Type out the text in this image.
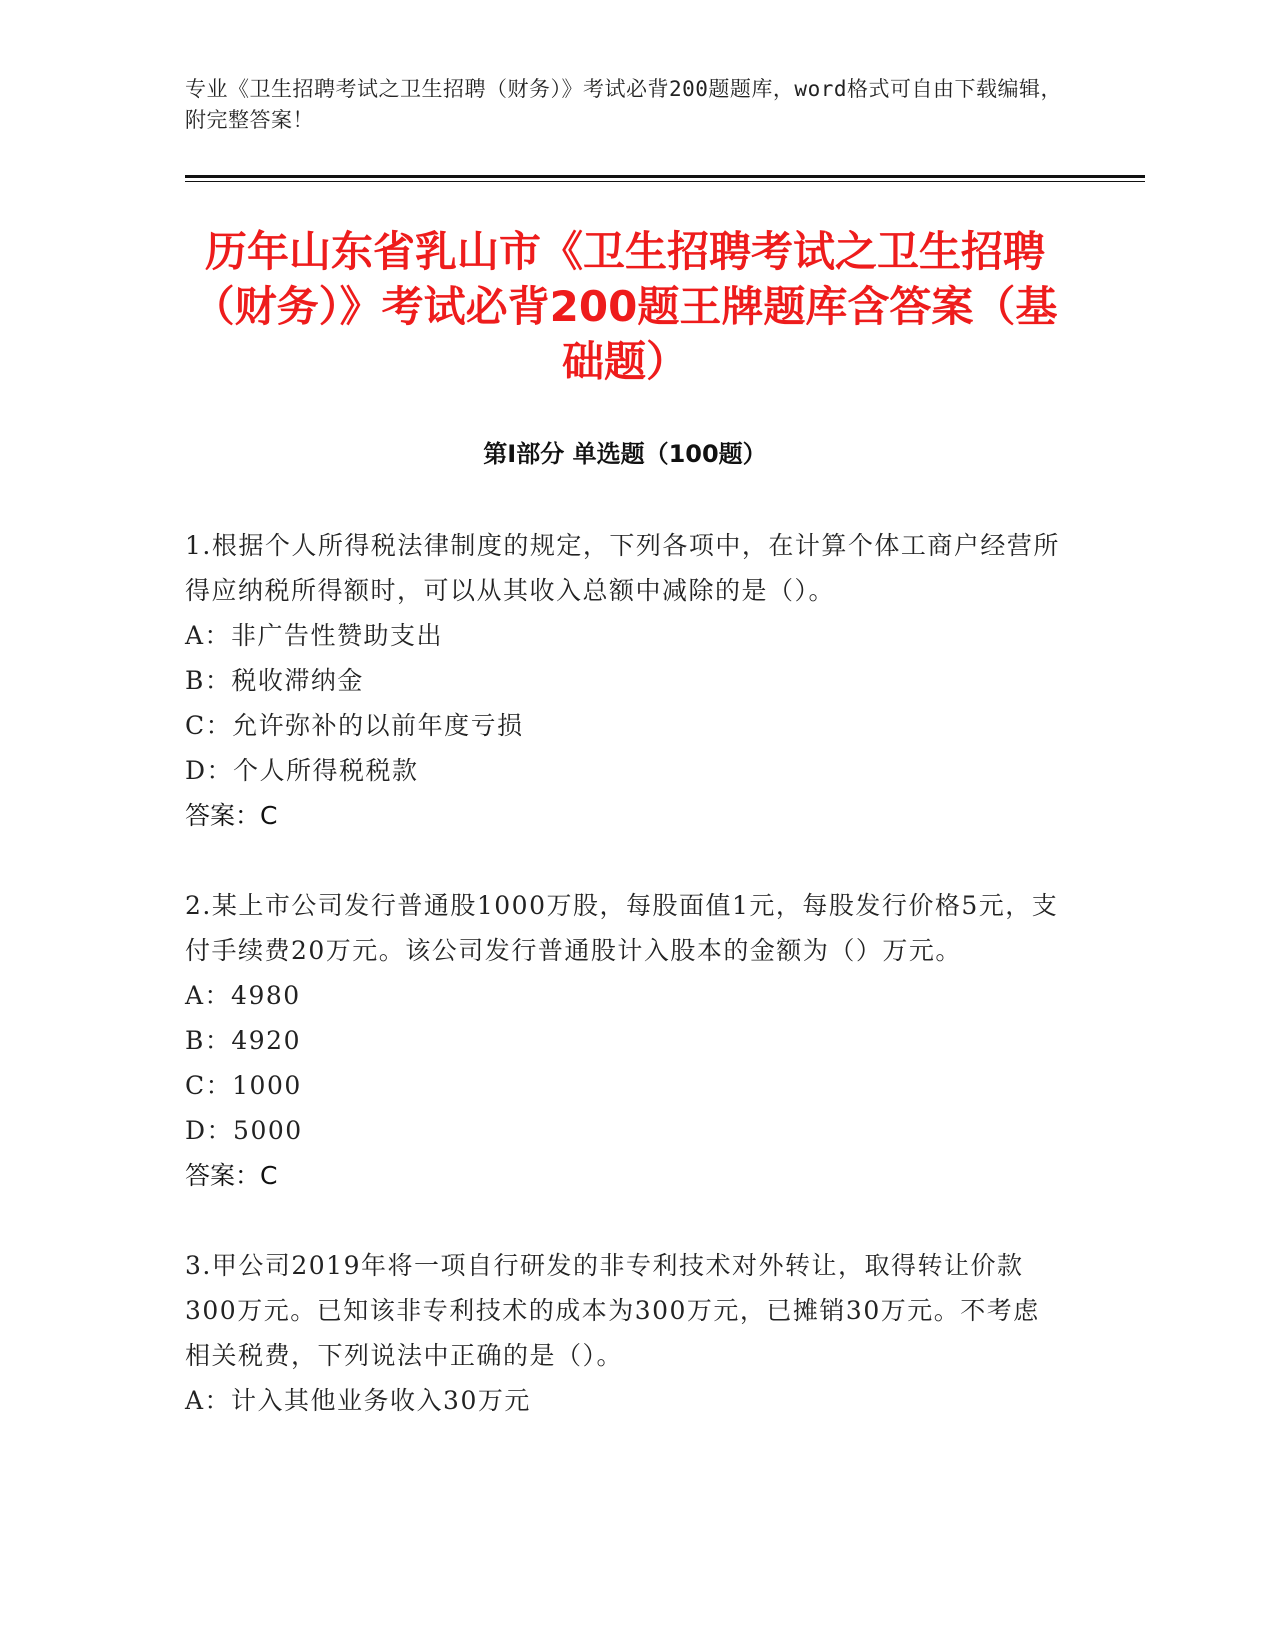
专业《卫生招聘考试之卫生招聘（财务）》考试必背200题题库，word格式可自由下载编辑，附完整答案！
历年山东省乳山市《卫生招聘考试之卫生招聘（财务）》考试必背200题王牌题库含答案（基础题）
第Ⅰ部分 单选题（100题）

1.根据个人所得税法律制度的规定，下列各项中，在计算个体工商户经营所得应纳税所得额时，可以从其收入总额中减除的是（）。

A：非广告性赞助支出

B：税收滞纳金

C：允许弥补的以前年度亏损

D：个人所得税税款

答案：C

2.某上市公司发行普通股1000万股，每股面值1元，每股发行价格5元，支付手续费20万元。该公司发行普通股计入股本的金额为（）万元。

A：4980

B：4920

C：1000

D：5000

答案：C

3.甲公司2019年将一项自行研发的非专利技术对外转让，取得转让价款300万元。已知该非专利技术的成本为300万元，已摊销30万元。不考虑相关税费，下列说法中正确的是（）。

A：计入其他业务收入30万元
